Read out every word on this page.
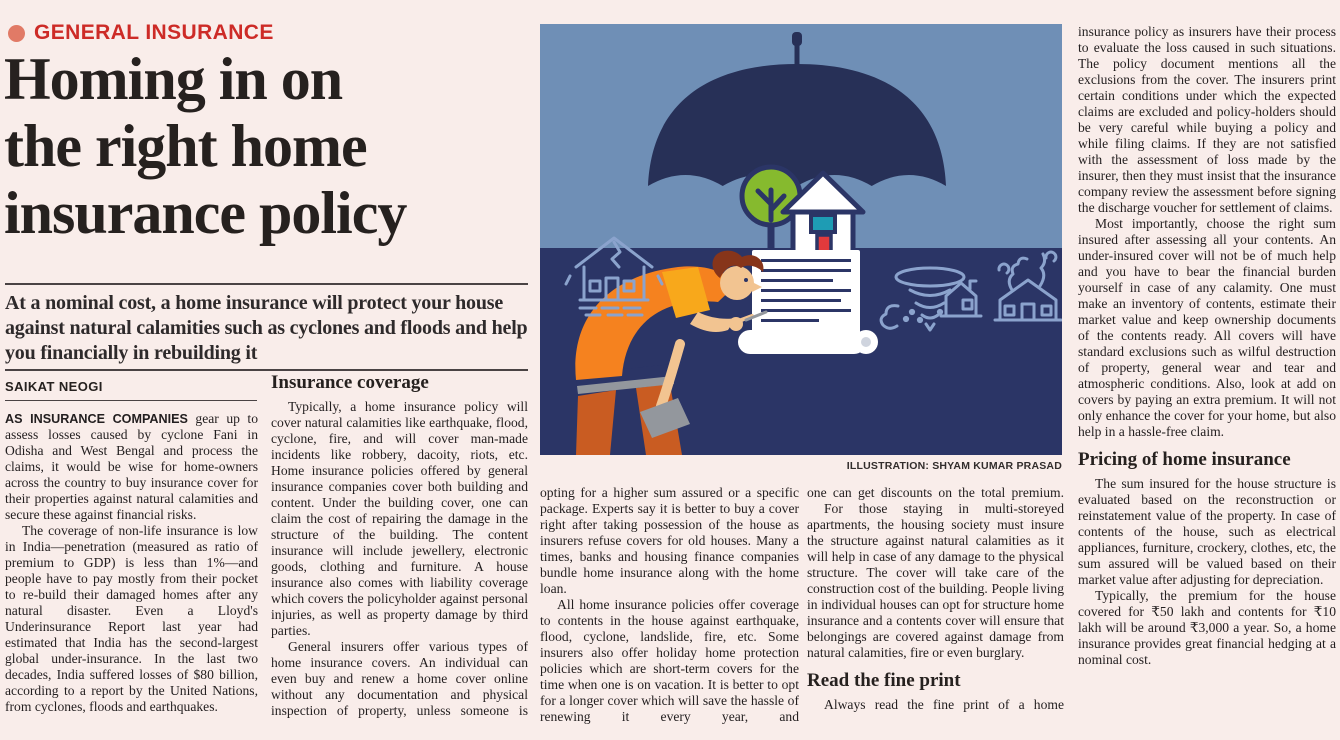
GENERAL INSURANCE
Homing in on
the right home
insurance policy
At a nominal cost, a home insurance will protect your house against natural calamities such as cyclones and floods and help you financially in rebuilding it
SAIKAT NEOGI

AS INSURANCE COMPANIES gear up to assess losses caused by cyclone Fani in Odisha and West Bengal and process the claims, it would be wise for home-owners across the country to buy insurance cover for their properties against natural calamities and secure these against financial risks.

The coverage of non-life insurance is low in India—penetration (measured as ratio of premium to GDP) is less than 1%—and people have to pay mostly from their pocket to re-build their damaged homes after any natural disaster. Even a Lloyd's Underinsurance Report last year had estimated that India has the second-largest global under-insurance. In the last two decades, India suffered losses of $80 billion, according to a report by the United Nations, from cyclones, floods and earthquakes.

Insurance coverage

Typically, a home insurance policy will cover natural calamities like earthquake, flood, cyclone, fire, and will cover man-made incidents like robbery, dacoity, riots, etc. Home insurance policies offered by general insurance companies cover both building and content. Under the building cover, one can claim the cost of repairing the damage in the structure of the building. The content insurance will include jewellery, electronic goods, clothing and furniture. A house insurance also comes with liability coverage which covers the policyholder against personal injuries, as well as property damage by third parties.

General insurers offer various types of home insurance covers. An individual can even buy and renew a home cover online without any documentation and physical inspection of property, unless someone is

ILLUSTRATION: SHYAM KUMAR PRASAD

opting for a higher sum assured or a specific package. Experts say it is better to buy a cover right after taking possession of the house as insurers refuse covers for old houses. Many a times, banks and housing finance companies bundle home insurance along with the home loan.

All home insurance policies offer coverage to contents in the house against earthquake, flood, cyclone, landslide, fire, etc. Some insurers also offer holiday home protection policies which are short-term covers for the time when one is on vacation. It is better to opt for a longer cover which will save the hassle of renewing it every year, and

one can get discounts on the total premium.

For those staying in multi-storeyed apartments, the housing society must insure the structure against natural calamities as it will help in case of any damage to the physical structure. The cover will take care of the construction cost of the building. People living in individual houses can opt for structure home insurance and a contents cover will ensure that belongings are covered against damage from natural calamities, fire or even burglary.

Read the fine print

Always read the fine print of a home

insurance policy as insurers have their process to evaluate the loss caused in such situations. The policy document mentions all the exclusions from the cover. The insurers print certain conditions under which the expected claims are excluded and policy-holders should be very careful while buying a policy and while filing claims. If they are not satisfied with the assessment of loss made by the insurer, then they must insist that the insurance company review the assessment before signing the discharge voucher for settlement of claims.

Most importantly, choose the right sum insured after assessing all your contents. An under-insured cover will not be of much help and you have to bear the financial burden yourself in case of any calamity. One must make an inventory of contents, estimate their market value and keep ownership documents of the contents ready. All covers will have standard exclusions such as wilful destruction of property, general wear and tear and atmospheric conditions. Also, look at add on covers by paying an extra premium. It will not only enhance the cover for your home, but also help in a hassle-free claim.

Pricing of home insurance

The sum insured for the house structure is evaluated based on the reconstruction or reinstatement value of the property. In case of contents of the house, such as electrical appliances, furniture, crockery, clothes, etc, the sum assured will be valued based on their market value after adjusting for depreciation.

Typically, the premium for the house covered for ₹50 lakh and contents for ₹10 lakh will be around ₹3,000 a year. So, a home insurance provides great financial hedging at a nominal cost.
